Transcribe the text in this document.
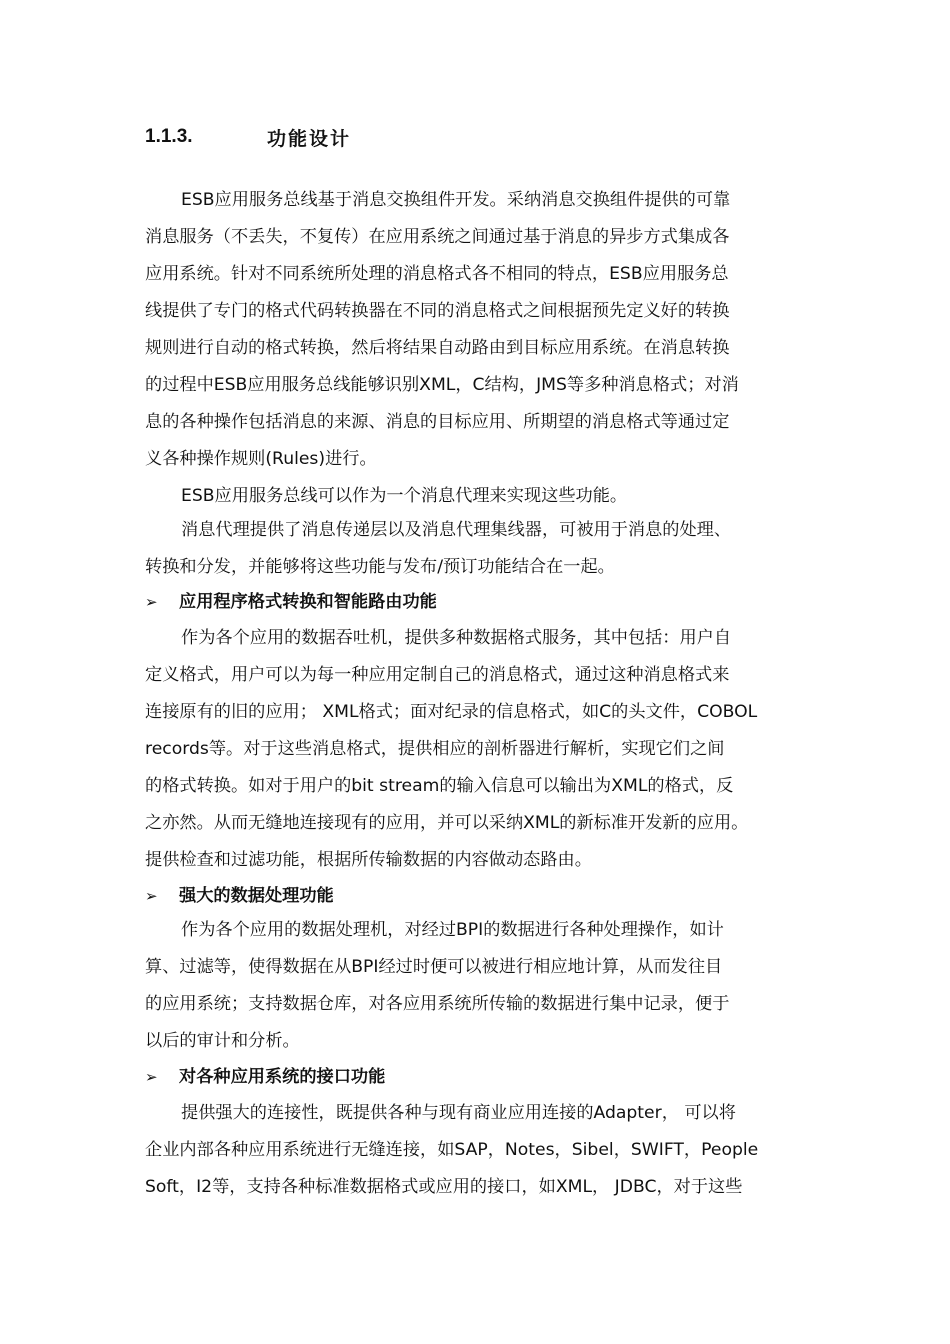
1.1.3.	功能设计
ESB应用服务总线基于消息交换组件开发。采纳消息交换组件提供的可靠
消息服务（不丢失，不复传）在应用系统之间通过基于消息的异步方式集成各
应用系统。针对不同系统所处理的消息格式各不相同的特点，ESB应用服务总
线提供了专门的格式代码转换器在不同的消息格式之间根据预先定义好的转换
规则进行自动的格式转换，然后将结果自动路由到目标应用系统。在消息转换
的过程中ESB应用服务总线能够识别XML，C结构，JMS等多种消息格式；对消
息的各种操作包括消息的来源、消息的目标应用、所期望的消息格式等通过定
义各种操作规则(Rules)进行。
ESB应用服务总线可以作为一个消息代理来实现这些功能。
消息代理提供了消息传递层以及消息代理集线器，可被用于消息的处理、
转换和分发，并能够将这些功能与发布/预订功能结合在一起。
➢	应用程序格式转换和智能路由功能
作为各个应用的数据吞吐机，提供多种数据格式服务，其中包括：用户自
定义格式，用户可以为每一种应用定制自己的消息格式，通过这种消息格式来
连接原有的旧的应用； XML格式；面对纪录的信息格式，如C的头文件，COBOL
records等。对于这些消息格式，提供相应的剖析器进行解析，实现它们之间
的格式转换。如对于用户的bit stream的输入信息可以输出为XML的格式，反
之亦然。从而无缝地连接现有的应用，并可以采纳XML的新标准开发新的应用。
提供检查和过滤功能，根据所传输数据的内容做动态路由。
➢	强大的数据处理功能
作为各个应用的数据处理机，对经过BPI的数据进行各种处理操作，如计
算、过滤等，使得数据在从BPI经过时便可以被进行相应地计算，从而发往目
的应用系统；支持数据仓库，对各应用系统所传输的数据进行集中记录，便于
以后的审计和分析。
➢	对各种应用系统的接口功能
提供强大的连接性，既提供各种与现有商业应用连接的Adapter， 可以将
企业内部各种应用系统进行无缝连接，如SAP，Notes，Sibel，SWIFT，People
Soft，I2等，支持各种标准数据格式或应用的接口，如XML， JDBC，对于这些
